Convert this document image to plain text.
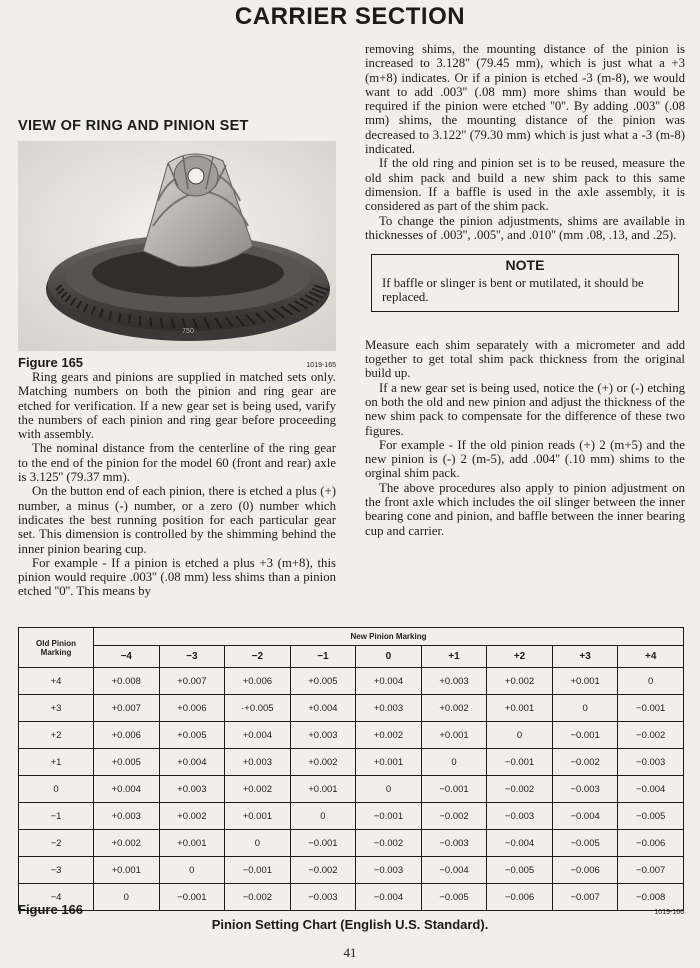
CARRIER SECTION
VIEW OF RING AND PINION SET
750
Figure 165	1019-165

Ring gears and pinions are supplied in matched sets only. Matching numbers on both the pinion and ring gear are etched for verification. If a new gear set is being used, varify the numbers of each pinion and ring gear before proceeding with assembly.

The nominal distance from the centerline of the ring gear to the end of the pinion for the model 60 (front and rear) axle is 3.125'' (79.37 mm).

On the button end of each pinion, there is etched a plus (+) number, a minus (-) number, or a zero (0) number which indicates the best running position for each particular gear set. This dimension is controlled by the shimming behind the inner pinion bearing cup.

For example - If a pinion is etched a plus +3 (m+8), this pinion would require .003'' (.08 mm) less shims than a pinion etched ''0''. This means by

removing shims, the mounting distance of the pinion is increased to 3.128'' (79.45 mm), which is just what a +3 (m+8) indicates. Or if a pinion is etched -3 (m-8), we would want to add .003'' (.08 mm) more shims than would be required if the pinion were etched ''0''. By adding .003'' (.08 mm) shims, the mounting distance of the pinion was decreased to 3.122'' (79.30 mm) which is just what a -3 (m-8) indicated.

If the old ring and pinion set is to be reused, measure the old shim pack and build a new shim pack to this same dimension. If a baffle is used in the axle assembly, it is considered as part of the shim pack.

To change the pinion adjustments, shims are available in thicknesses of .003'', .005'', and .010'' (mm .08, .13, and .25).

NOTE
If baffle or slinger is bent or mutilated, it should be replaced.

Measure each shim separately with a micrometer and add together to get total shim pack thickness from the original build up.

If a new gear set is being used, notice the (+) or (-) etching on both the old and new pinion and adjust the thickness of the new shim pack to compensate for the difference of these two figures.

For example - If the old pinion reads (+) 2 (m+5) and the new pinion is (-) 2 (m-5), add .004'' (.10 mm) shims to the orginal shim pack.

The above procedures also apply to pinion adjustment on the front axle which includes the oil slinger between the inner bearing cone and pinion, and baffle between the inner bearing cup and carrier.

Old Pinion
Marking	New Pinion Marking								
	−4	−3	−2	−1	0	+1	+2	+3	+4
+4	+0.008	+0.007	+0.006	+0.005	+0.004	+0.003	+0.002	+0.001	0
+3	+0.007	+0.006	·+0.005	+0.004	+0.003	+0.002	+0.001	0	−0.001
+2	+0.006	+0.005	+0.004	+0.003	+0.002	+0.001	0	−0.001	−0.002
+1	+0.005	+0.004	+0.003	+0.002	+0.001	0	−0.001	−0.002	−0.003
0	+0.004	+0.003	+0.002	+0.001	0	−0.001	−0.002	−0.003	−0.004
−1	+0.003	+0.002	+0.001	0	−0.001	−0.002	−0.003	−0.004	−0.005
−2	+0.002	+0.001	0	−0.001	−0.002	−0.003	−0.004	−0.005	−0.006
−3	+0.001	0	−0.001	−0.002	−0.003	−0.004	−0.005	−0.006	−0.007
−4	0	−0.001	−0.002	−0.003	−0.004	−0.005	−0.006	−0.007	−0.008
Figure 166	1019-166
Pinion Setting Chart (English U.S. Standard).
41
